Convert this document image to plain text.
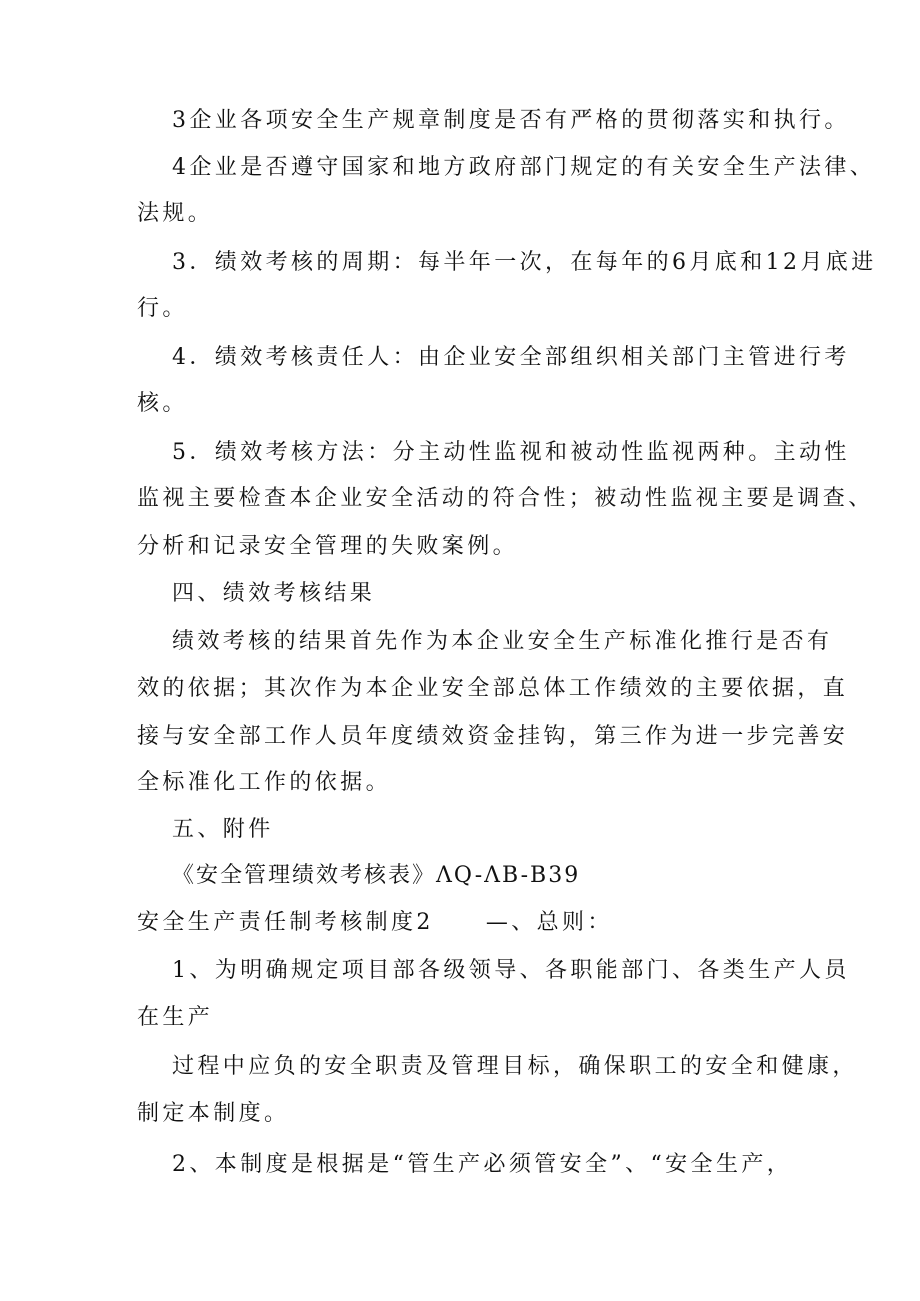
3企业各项安全生产规章制度是否有严格的贯彻落实和执行。
4企业是否遵守国家和地方政府部门规定的有关安全生产法律、
法规。
3．绩效考核的周期：每半年一次，在每年的6月底和12月底进
行。
4．绩效考核责任人：由企业安全部组织相关部门主管进行考
核。
5．绩效考核方法：分主动性监视和被动性监视两种。主动性
监视主要检查本企业安全活动的符合性；被动性监视主要是调查、
分析和记录安全管理的失败案例。
四、绩效考核结果
绩效考核的结果首先作为本企业安全生产标准化推行是否有
效的依据；其次作为本企业安全部总体工作绩效的主要依据，直
接与安全部工作人员年度绩效资金挂钩，第三作为进一步完善安
全标准化工作的依据。
五、附件
《安全管理绩效考核表》ΛQ-ΛB-B39
安全生产责任制考核制度2 —、总则：
1、为明确规定项目部各级领导、各职能部门、各类生产人员
在生产
过程中应负的安全职责及管理目标，确保职工的安全和健康，
制定本制度。
2、本制度是根据是“管生产必须管安全”、“安全生产，
